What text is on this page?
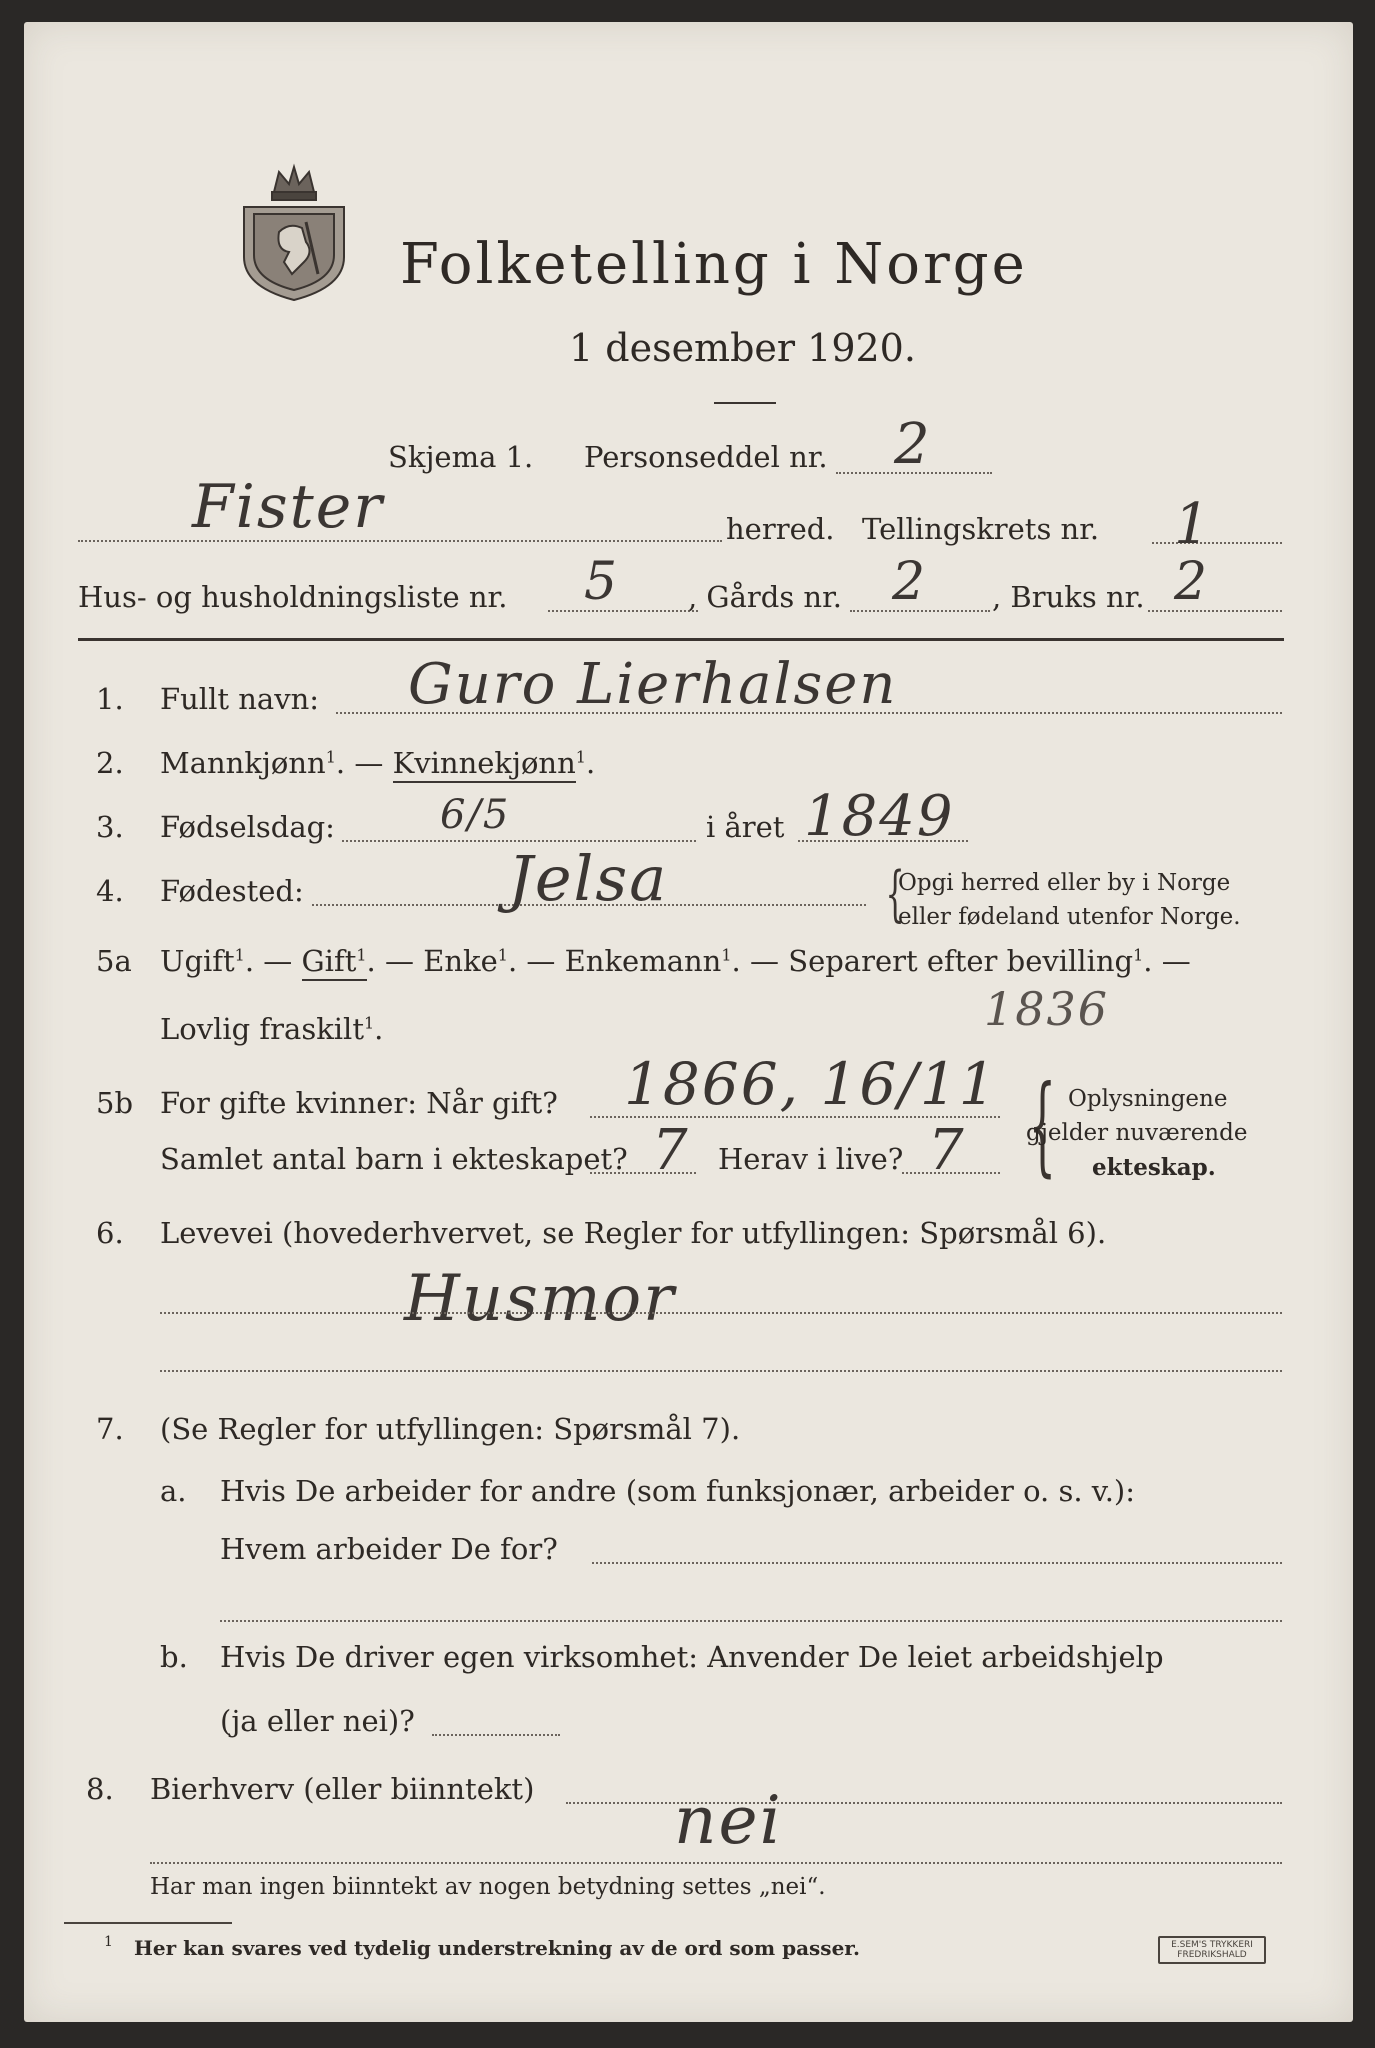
Folketelling i Norge
1 desember 1920.
Skjema 1. Personseddel nr. 2
Fister	herred. Tellingskrets nr. 1
Hus- og husholdningsliste nr. 5 , Gårds nr. 2 , Bruks nr. 2
1. Fullt navn: Guro Lierhalsen
2. Mannkjønn$^1$. — Kvinnekjønn$^1$.
3. Fødselsdag:	6/5	i året 1849
4. Fødested:	Jelsa	{
Opgi herred eller by i Norge
eller fødeland utenfor Norge.
5a Ugift$^1$. — Gift$^1$. — Enke$^1$. — Enkemann$^1$. — Separert efter bevilling$^1$. —
Lovlig fraskilt$^1$.	1836
5b For gifte kvinner: Når gift? 1866, 16/11
Samlet antal barn i ekteskapet? 7 Herav i live? 7 { Oplysningene
gjelder nuværende
ekteskap.
6. Levevei (hovederhvervet, se Regler for utfyllingen: Spørsmål 6).
Husmor
7. (Se Regler for utfyllingen: Spørsmål 7).
a. Hvis De arbeider for andre (som funksjonær, arbeider o. s. v.):
Hvem arbeider De for?
b. Hvis De driver egen virksomhet: Anvender De leiet arbeidshjelp
(ja eller nei)?
8. Bierhverv (eller biinntekt) nei
Har man ingen biinntekt av nogen betydning settes „nei“.
1 Her kan svares ved tydelig understrekning av de ord som passer.	E.SEM'S TRYKKERI
FREDRIKSHALD
